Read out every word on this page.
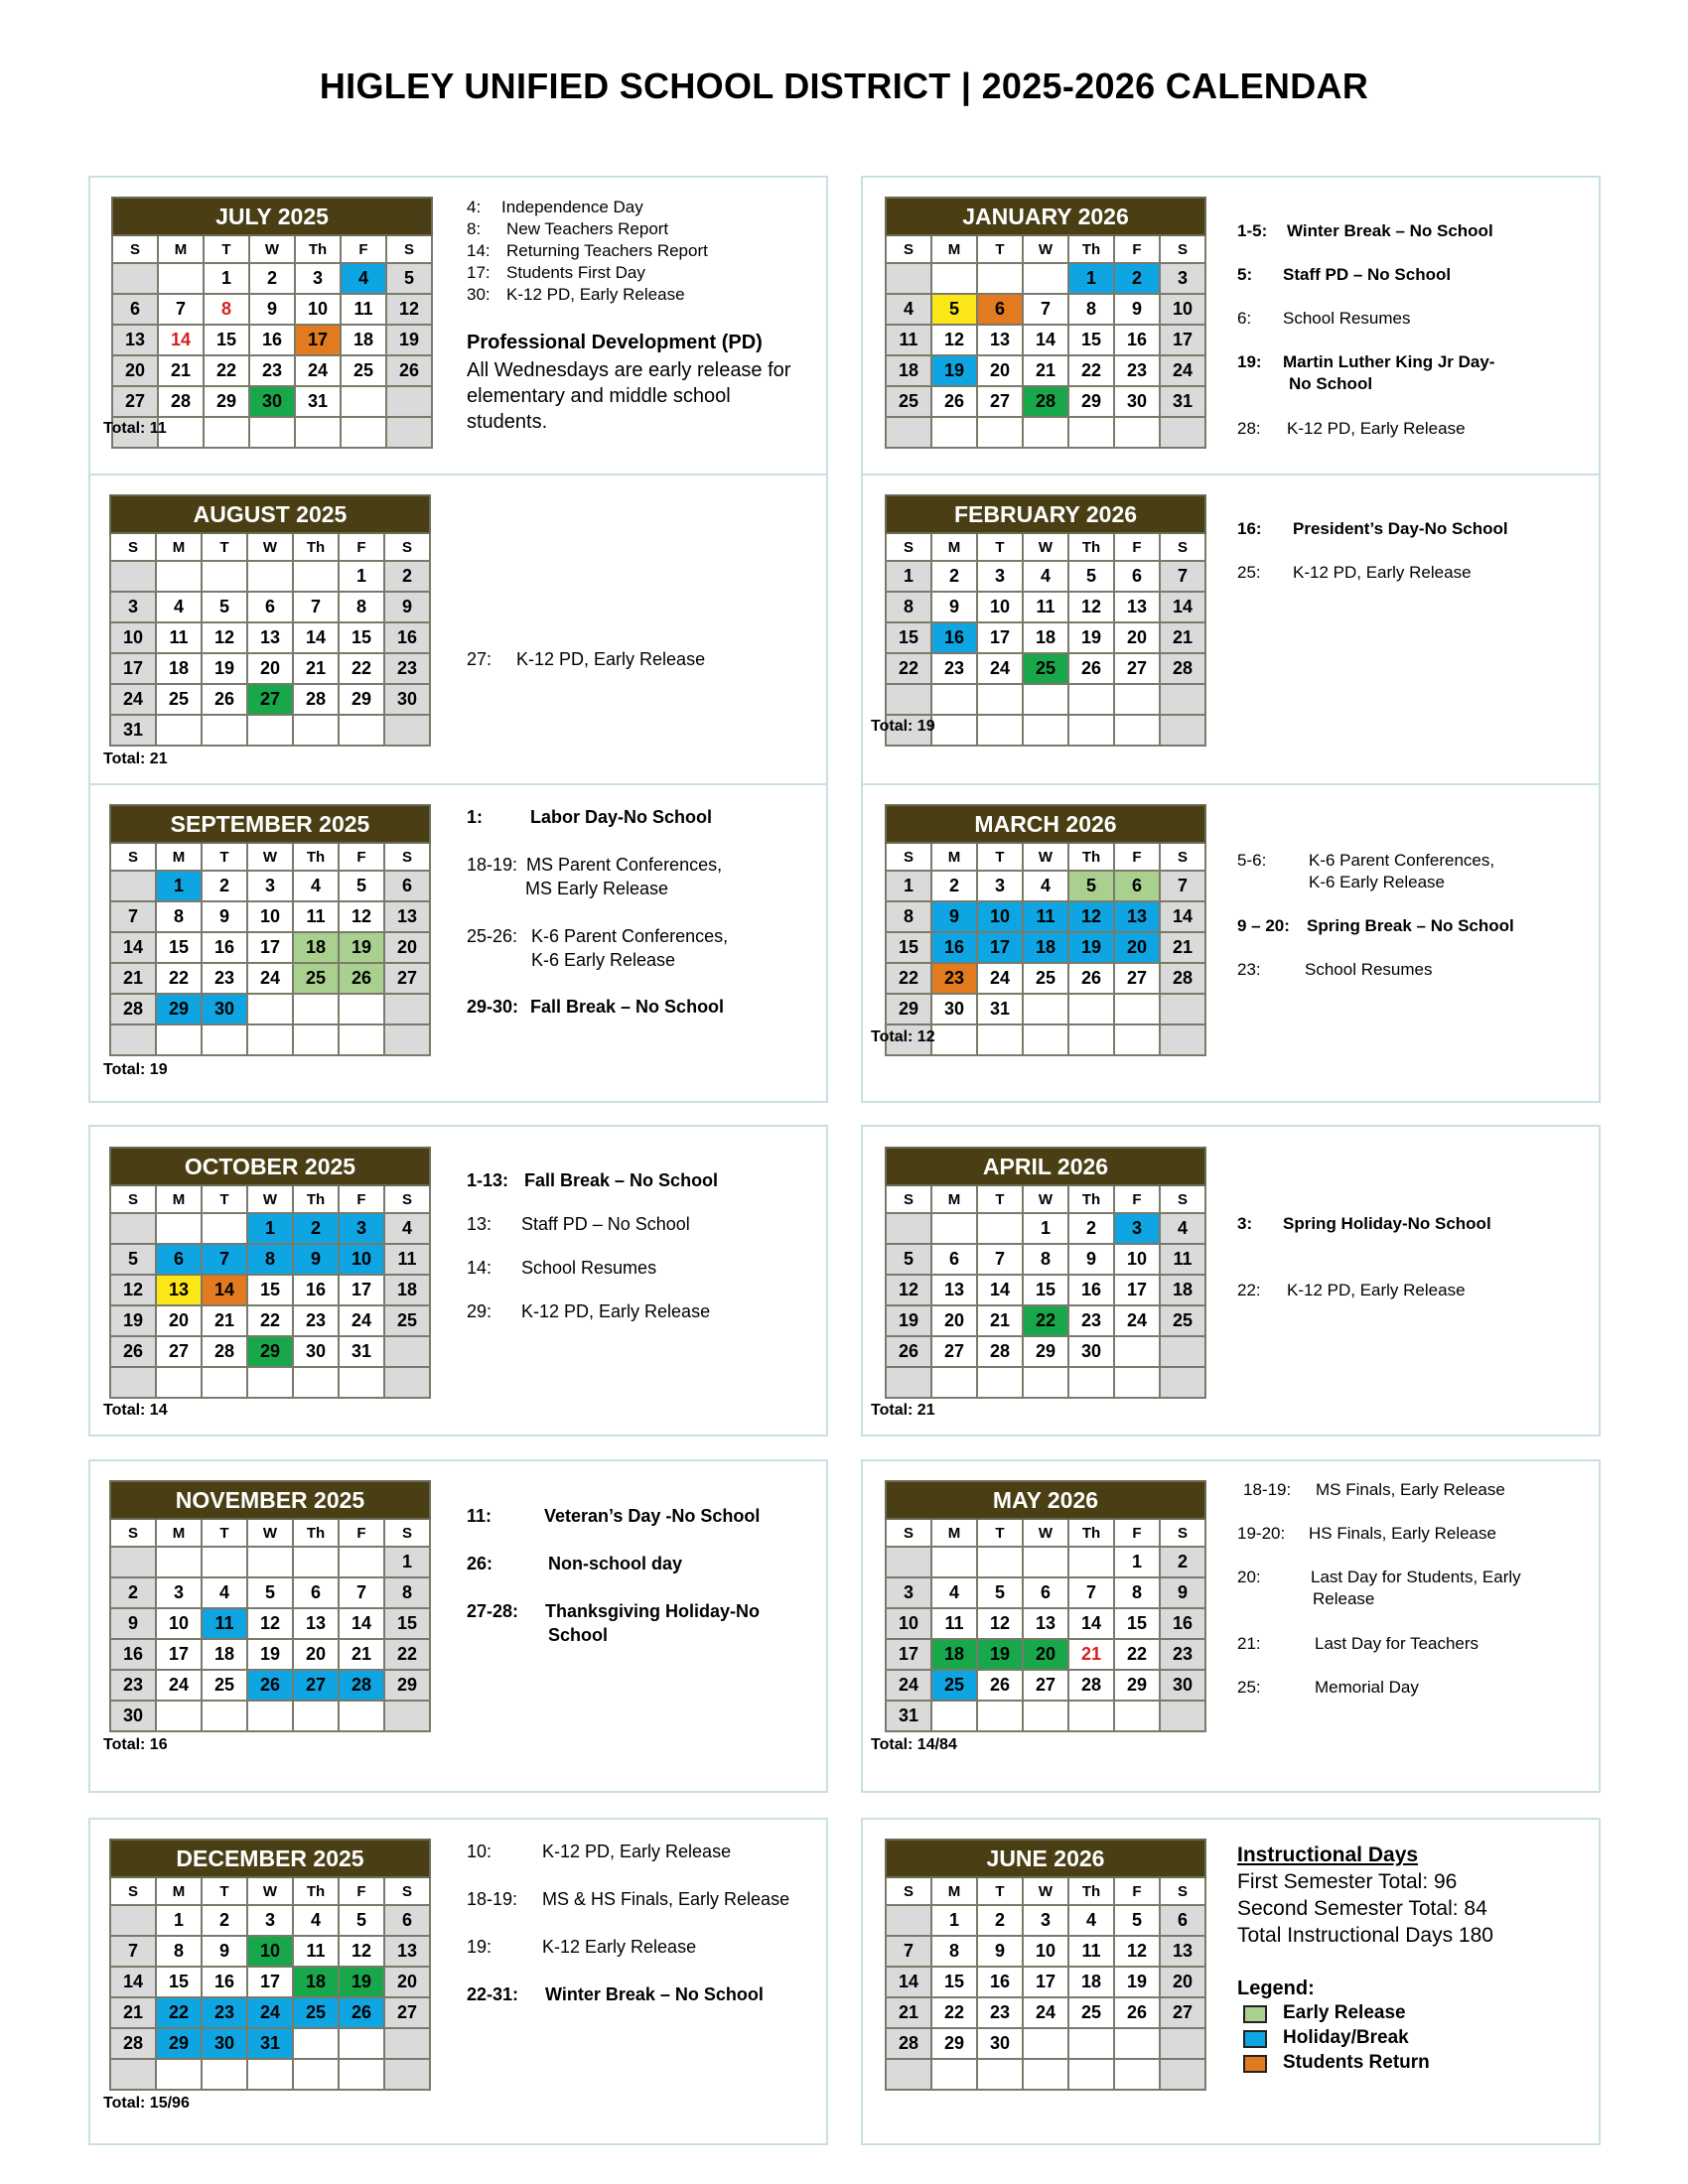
HIGLEY UNIFIED SCHOOL DISTRICT | 2025-2026 CALENDAR
JULY 2025						
S	M	T	W	Th	F	S
		1	2	3	4	5
6	7	8	9	10	11	12
13	14	15	16	17	18	19
20	21	22	23	24	25	26
27	28	29	30	31		

Total: 11
AUGUST 2025						
S	M	T	W	Th	F	S
					1	2
3	4	5	6	7	8	9
10	11	12	13	14	15	16
17	18	19	20	21	22	23
24	25	26	27	28	29	30
31						
Total: 21
SEPTEMBER 2025						
S	M	T	W	Th	F	S
	1	2	3	4	5	6
7	8	9	10	11	12	13
14	15	16	17	18	19	20
21	22	23	24	25	26	27
28	29	30				

Total: 19
OCTOBER 2025						
S	M	T	W	Th	F	S
			1	2	3	4
5	6	7	8	9	10	11
12	13	14	15	16	17	18
19	20	21	22	23	24	25
26	27	28	29	30	31	

Total: 14
NOVEMBER 2025						
S	M	T	W	Th	F	S
						1
2	3	4	5	6	7	8
9	10	11	12	13	14	15
16	17	18	19	20	21	22
23	24	25	26	27	28	29
30						
Total: 16
DECEMBER 2025						
S	M	T	W	Th	F	S
	1	2	3	4	5	6
7	8	9	10	11	12	13
14	15	16	17	18	19	20
21	22	23	24	25	26	27
28	29	30	31			

Total: 15/96
JANUARY 2026						
S	M	T	W	Th	F	S
				1	2	3
4	5	6	7	8	9	10
11	12	13	14	15	16	17
18	19	20	21	22	23	24
25	26	27	28	29	30	31

FEBRUARY 2026						
S	M	T	W	Th	F	S
1	2	3	4	5	6	7
8	9	10	11	12	13	14
15	16	17	18	19	20	21
22	23	24	25	26	27	28

Total: 19
MARCH 2026						
S	M	T	W	Th	F	S
1	2	3	4	5	6	7
8	9	10	11	12	13	14
15	16	17	18	19	20	21
22	23	24	25	26	27	28
29	30	31				

Total: 12
APRIL 2026						
S	M	T	W	Th	F	S
			1	2	3	4
5	6	7	8	9	10	11
12	13	14	15	16	17	18
19	20	21	22	23	24	25
26	27	28	29	30		

Total: 21
MAY 2026						
S	M	T	W	Th	F	S
					1	2
3	4	5	6	7	8	9
10	11	12	13	14	15	16
17	18	19	20	21	22	23
24	25	26	27	28	29	30
31						
Total: 14/84
JUNE 2026						
S	M	T	W	Th	F	S
	1	2	3	4	5	6
7	8	9	10	11	12	13
14	15	16	17	18	19	20
21	22	23	24	25	26	27
28	29	30				

4: Independence Day
8: New Teachers Report
14: Returning Teachers Report
17: Students First Day
30: K-12 PD, Early Release
Professional Development (PD)
All Wednesdays are early release for elementary and middle school students.
27: K-12 PD, Early Release
1:	Labor Day-No School
18-19: MS Parent Conferences,
MS Early Release
25-26: K-6 Parent Conferences,
K-6 Early Release
29-30: Fall Break – No School
1-13: Fall Break – No School
13: Staff PD – No School
14: School Resumes
29: K-12 PD, Early Release
11:	Veteran’s Day -No School
26:	Non-school day
27-28: Thanksgiving Holiday-No
School
10:	K-12 PD, Early Release
18-19: MS & HS Finals, Early Release
19:	K-12 Early Release
22-31: Winter Break – No School
1-5: Winter Break – No School
5: Staff PD – No School
6: School Resumes
19: Martin Luther King Jr Day-
No School
28: K-12 PD, Early Release
16: President’s Day-No School
25: K-12 PD, Early Release
5-6:	K-6 Parent Conferences,
K-6 Early Release
9 – 20: Spring Break – No School
23:	School Resumes
3: Spring Holiday-No School
22: K-12 PD, Early Release
18-19: MS Finals, Early Release
19-20: HS Finals, Early Release
20:	Last Day for Students, Early
Release
21:	Last Day for Teachers
25:	Memorial Day
Instructional Days
First Semester Total: 96
Second Semester Total: 84
Total Instructional Days 180
Legend:
Early Release
Holiday/Break
Students Return
